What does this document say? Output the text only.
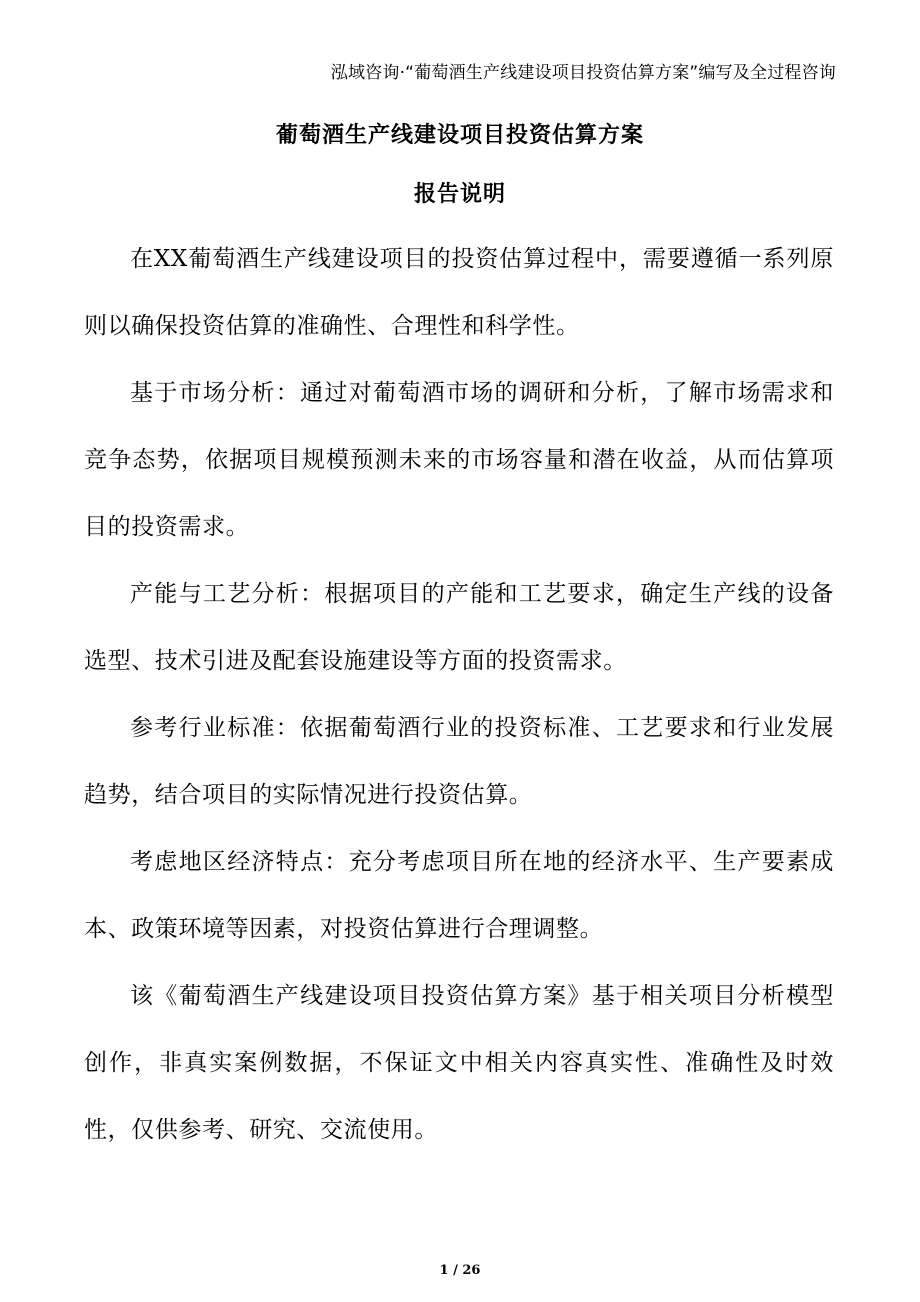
泓域咨询·“葡萄酒生产线建设项目投资估算方案”编写及全过程咨询
葡萄酒生产线建设项目投资估算方案
报告说明

在XX葡萄酒生产线建设项目的投资估算过程中，需要遵循一系列原则以确保投资估算的准确性、合理性和科学性。

基于市场分析：通过对葡萄酒市场的调研和分析，了解市场需求和竞争态势，依据项目规模预测未来的市场容量和潜在收益，从而估算项目的投资需求。

产能与工艺分析：根据项目的产能和工艺要求，确定生产线的设备选型、技术引进及配套设施建设等方面的投资需求。

参考行业标准：依据葡萄酒行业的投资标准、工艺要求和行业发展趋势，结合项目的实际情况进行投资估算。

考虑地区经济特点：充分考虑项目所在地的经济水平、生产要素成本、政策环境等因素，对投资估算进行合理调整。

该《葡萄酒生产线建设项目投资估算方案》基于相关项目分析模型创作，非真实案例数据，不保证文中相关内容真实性、准确性及时效性，仅供参考、研究、交流使用。

1 / 26
